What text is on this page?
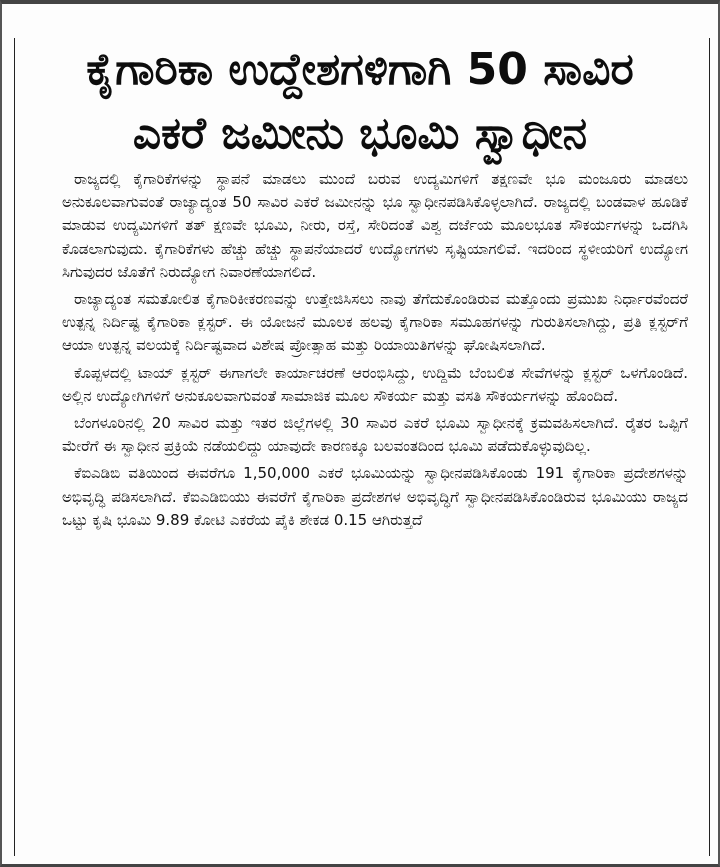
ಕೈಗಾರಿಕಾ ಉದ್ದೇಶಗಳಿಗಾಗಿ 50 ಸಾವಿರ
ಎಕರೆ ಜಮೀನು ಭೂಮಿ ಸ್ವಾಧೀನ

ರಾಜ್ಯದಲ್ಲಿ ಕೈಗಾರಿಕೆಗಳನ್ನು ಸ್ಥಾಪನೆ ಮಾಡಲು ಮುಂದೆ ಬರುವ ಉದ್ಯಮಿಗಳಿಗೆ ತಕ್ಷಣವೇ ಭೂ ಮಂಜೂರು ಮಾಡಲು ಅನುಕೂಲವಾಗುವಂತೆ ರಾಜ್ಯಾದ್ಯಂತ 50 ಸಾವಿರ ಎಕರೆ ಜಮೀನನ್ನು ಭೂ ಸ್ವಾಧೀನಪಡಿಸಿಕೊಳ್ಳಲಾಗಿದೆ. ರಾಜ್ಯದಲ್ಲಿ ಬಂಡವಾಳ ಹೂಡಿಕೆ ಮಾಡುವ ಉದ್ಯಮಿಗಳಿಗೆ ತತ್ ಕ್ಷಣವೇ ಭೂಮಿ, ನೀರು, ರಸ್ತೆ, ಸೇರಿದಂತೆ ವಿಶ್ವ ದರ್ಜೆಯ ಮೂಲಭೂತ ಸೌಕರ್ಯಗಳನ್ನು ಒದಗಿಸಿ ಕೊಡಲಾಗುವುದು. ಕೈಗಾರಿಕೆಗಳು ಹೆಚ್ಚು ಹೆಚ್ಚು ಸ್ಥಾಪನೆಯಾದರೆ ಉದ್ಯೋಗಗಳು ಸೃಷ್ಟಿಯಾಗಲಿವೆ. ಇದರಿಂದ ಸ್ಥಳೀಯರಿಗೆ ಉದ್ಯೋಗ ಸಿಗುವುದರ ಜೊತೆಗೆ ನಿರುದ್ಯೋಗ ನಿವಾರಣೆಯಾಗಲಿದೆ.

ರಾಜ್ಯಾದ್ಯಂತ ಸಮತೋಲಿತ ಕೈಗಾರಿಕೀಕರಣವನ್ನು ಉತ್ತೇಜಿಸಿಸಲು ನಾವು ತೆಗೆದುಕೊಂಡಿರುವ ಮತ್ತೊಂದು ಪ್ರಮುಖ ನಿರ್ಧಾರವೆಂದರೆ ಉತ್ಪನ್ನ ನಿರ್ದಿಷ್ಟ ಕೈಗಾರಿಕಾ ಕ್ಲಸ್ಟರ್. ಈ ಯೋಜನೆ ಮೂಲಕ ಹಲವು ಕೈಗಾರಿಕಾ ಸಮೂಹಗಳನ್ನು ಗುರುತಿಸಲಾಗಿದ್ದು, ಪ್ರತಿ ಕ್ಲಸ್ಟರ್‌ಗೆ ಆಯಾ ಉತ್ಪನ್ನ ವಲಯಕ್ಕೆ ನಿರ್ದಿಷ್ಟವಾದ ವಿಶೇಷ ಪ್ರೋತ್ಸಾಹ ಮತ್ತು ರಿಯಾಯಿತಿಗಳನ್ನು ಘೋಷಿಸಲಾಗಿದೆ.

ಕೊಪ್ಪಳದಲ್ಲಿ ಟಾಯ್ ಕ್ಲಸ್ಟರ್ ಈಗಾಗಲೇ ಕಾರ್ಯಾಚರಣೆ ಆರಂಭಿಸಿದ್ದು, ಉದ್ದಿಮೆ ಬೆಂಬಲಿತ ಸೇವೆಗಳನ್ನು ಕ್ಲಸ್ಟರ್ ಒಳಗೊಂಡಿದೆ. ಅಲ್ಲಿನ ಉದ್ಯೋಗಿಗಳಿಗೆ ಅನುಕೂಲವಾಗುವಂತೆ ಸಾಮಾಜಿಕ ಮೂಲ ಸೌಕರ್ಯ ಮತ್ತು ವಸತಿ ಸೌಕರ್ಯಗಳನ್ನು ಹೊಂದಿದೆ.

ಬೆಂಗಳೂರಿನಲ್ಲಿ 20 ಸಾವಿರ ಮತ್ತು ಇತರ ಜಿಲ್ಲೆಗಳಲ್ಲಿ 30 ಸಾವಿರ ಎಕರೆ ಭೂಮಿ ಸ್ವಾಧೀನಕ್ಕೆ ಕ್ರಮವಹಿಸಲಾಗಿದೆ. ರೈತರ ಒಪ್ಪಿಗೆ ಮೇರೆಗೆ ಈ ಸ್ವಾಧೀನ ಪ್ರಕ್ರಿಯೆ ನಡೆಯಲಿದ್ದು ಯಾವುದೇ ಕಾರಣಕ್ಕೂ ಬಲವಂತದಿಂದ ಭೂಮಿ ಪಡೆದುಕೊಳ್ಳುವುದಿಲ್ಲ.

ಕೆಐಎಡಿಬಿ ವತಿಯಿಂದ ಈವರೆಗೂ 1,50,000 ಎಕರೆ ಭೂಮಿಯನ್ನು ಸ್ವಾಧೀನಪಡಿಸಿಕೊಂಡು 191 ಕೈಗಾರಿಕಾ ಪ್ರದೇಶಗಳನ್ನು ಅಭಿವೃದ್ಧಿ ಪಡಿಸಲಾಗಿದೆ. ಕೆಐಎಡಿಬಿಯು ಈವರೆಗೆ ಕೈಗಾರಿಕಾ ಪ್ರದೇಶಗಳ ಅಭಿವೃದ್ಧಿಗೆ ಸ್ವಾಧೀನಪಡಿಸಿಕೊಂಡಿರುವ ಭೂಮಿಯು ರಾಜ್ಯದ ಒಟ್ಟು ಕೃಷಿ ಭೂಮಿ 9.89 ಕೋಟಿ ಎಕರೆಯ ಪೈಕಿ ಶೇಕಡ 0.15 ಆಗಿರುತ್ತದೆ
